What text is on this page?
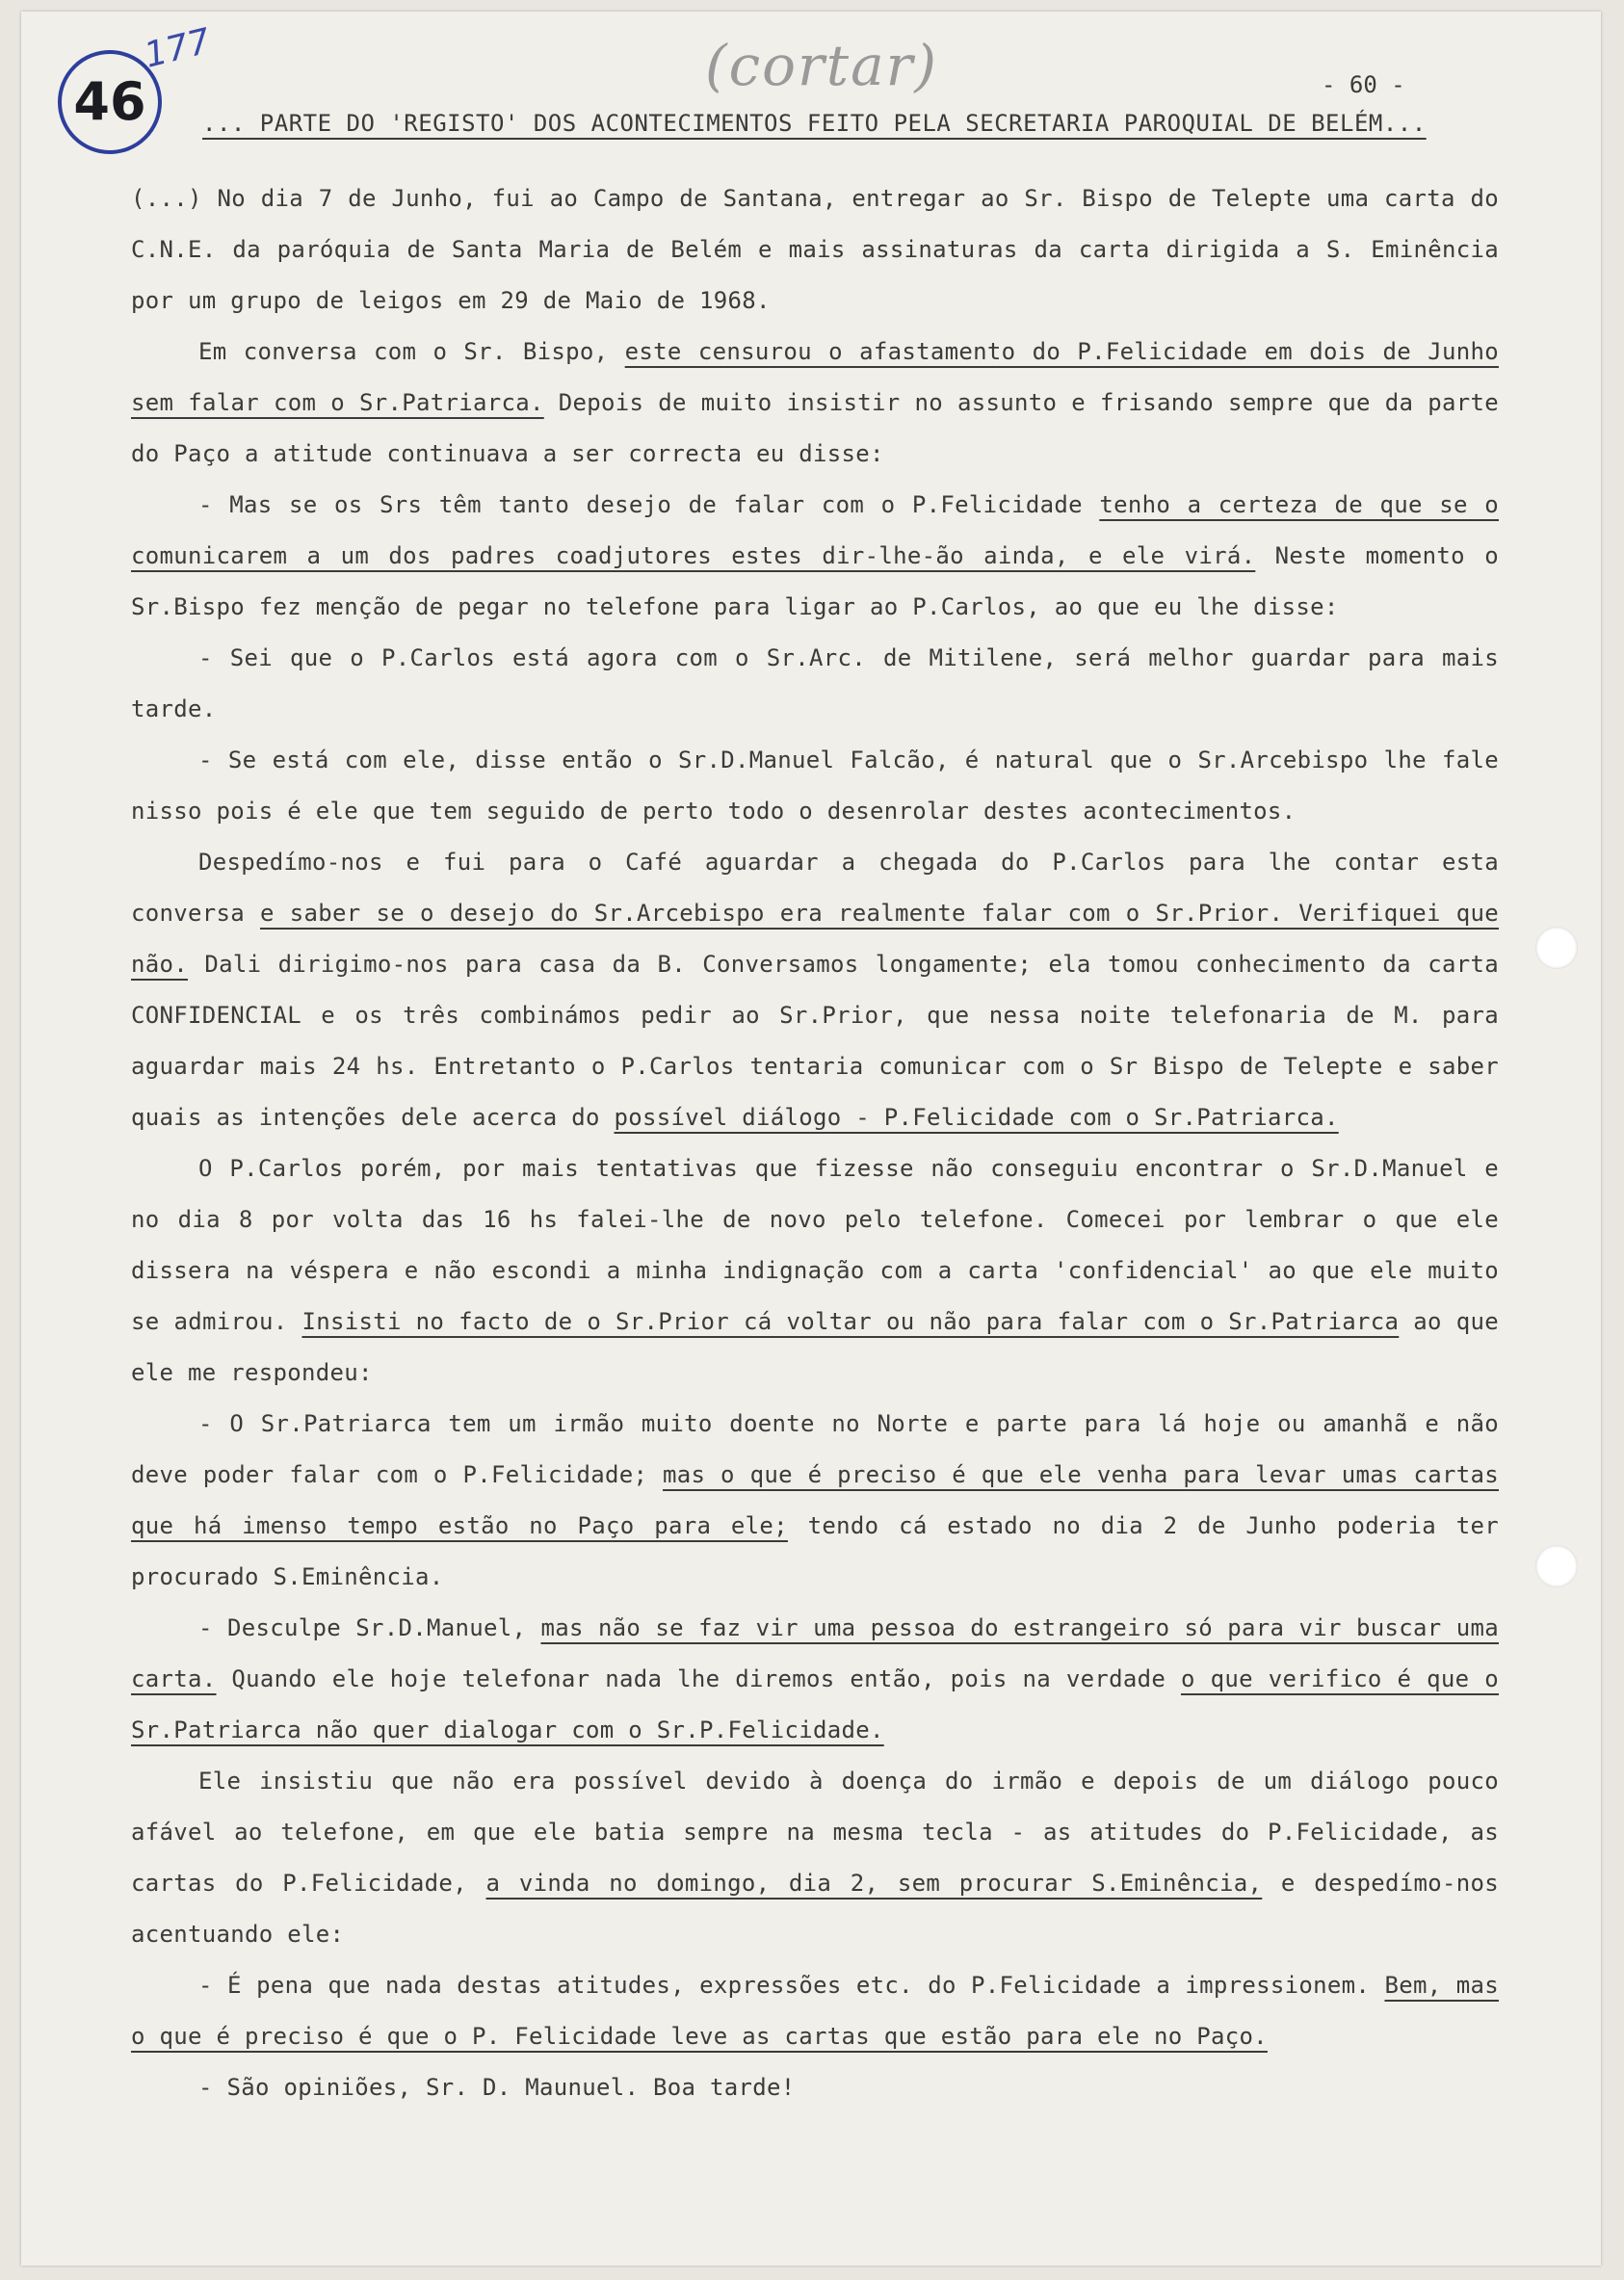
46
177	(cortar)	- 60 -
... PARTE DO 'REGISTO' DOS ACONTECIMENTOS FEITO PELA SECRETARIA PAROQUIAL DE BELÉM...

(...) No dia 7 de Junho, fui ao Campo de Santana, entregar ao Sr. Bispo de Telepte uma carta do C.N.E. da paróquia de Santa Maria de Belém e mais assinaturas da carta dirigida a S. Eminência por um grupo de leigos em 29 de Maio de 1968.

Em conversa com o Sr. Bispo, este censurou o afastamento do P.Felicidade em dois de Junho sem falar com o Sr.Patriarca. Depois de muito insistir no assunto e frisando sempre que da parte do Paço a atitude continuava a ser correcta eu disse:

- Mas se os Srs têm tanto desejo de falar com o P.Felicidade tenho a certeza de que se o comunicarem a um dos padres coadjutores estes dir-lhe-ão ainda, e ele virá. Neste momento o Sr.Bispo fez menção de pegar no telefone para ligar ao P.Carlos, ao que eu lhe disse:

- Sei que o P.Carlos está agora com o Sr.Arc. de Mitilene, será melhor guardar para mais tarde.

- Se está com ele, disse então o Sr.D.Manuel Falcão, é natural que o Sr.Arcebispo lhe fale nisso pois é ele que tem seguido de perto todo o desenrolar destes acontecimentos.

Despedímo-nos e fui para o Café aguardar a chegada do P.Carlos para lhe contar esta conversa e saber se o desejo do Sr.Arcebispo era realmente falar com o Sr.Prior. Verifiquei que não. Dali dirigimo-nos para casa da B. Conversamos longamente; ela tomou conhecimento da carta CONFIDENCIAL e os três combinámos pedir ao Sr.Prior, que nessa noite telefonaria de M. para aguardar mais 24 hs. Entretanto o P.Carlos tentaria comunicar com o Sr Bispo de Telepte e saber quais as intenções dele acerca do possível diálogo - P.Felicidade com o Sr.Patriarca.

O P.Carlos porém, por mais tentativas que fizesse não conseguiu encontrar o Sr.D.Manuel e no dia 8 por volta das 16 hs falei-lhe de novo pelo telefone. Comecei por lembrar o que ele dissera na véspera e não escondi a minha indignação com a carta 'confidencial' ao que ele muito se admirou. Insisti no facto de o Sr.Prior cá voltar ou não para falar com o Sr.Patriarca ao que ele me respondeu:

- O Sr.Patriarca tem um irmão muito doente no Norte e parte para lá hoje ou amanhã e não deve poder falar com o P.Felicidade; mas o que é preciso é que ele venha para levar umas cartas que há imenso tempo estão no Paço para ele; tendo cá estado no dia 2 de Junho poderia ter procurado S.Eminência.

- Desculpe Sr.D.Manuel, mas não se faz vir uma pessoa do estrangeiro só para vir buscar uma carta. Quando ele hoje telefonar nada lhe diremos então, pois na verdade o que verifico é que o Sr.Patriarca não quer dialogar com o Sr.P.Felicidade.

Ele insistiu que não era possível devido à doença do irmão e depois de um diálogo pouco afável ao telefone, em que ele batia sempre na mesma tecla - as atitudes do P.Felicidade, as cartas do P.Felicidade, a vinda no domingo, dia 2, sem procurar S.Eminência, e despedímo-nos acentuando ele:

- É pena que nada destas atitudes, expressões etc. do P.Felicidade a impressionem. Bem, mas o que é preciso é que o P. Felicidade leve as cartas que estão para ele no Paço.

- São opiniões, Sr. D. Maunuel. Boa tarde!
